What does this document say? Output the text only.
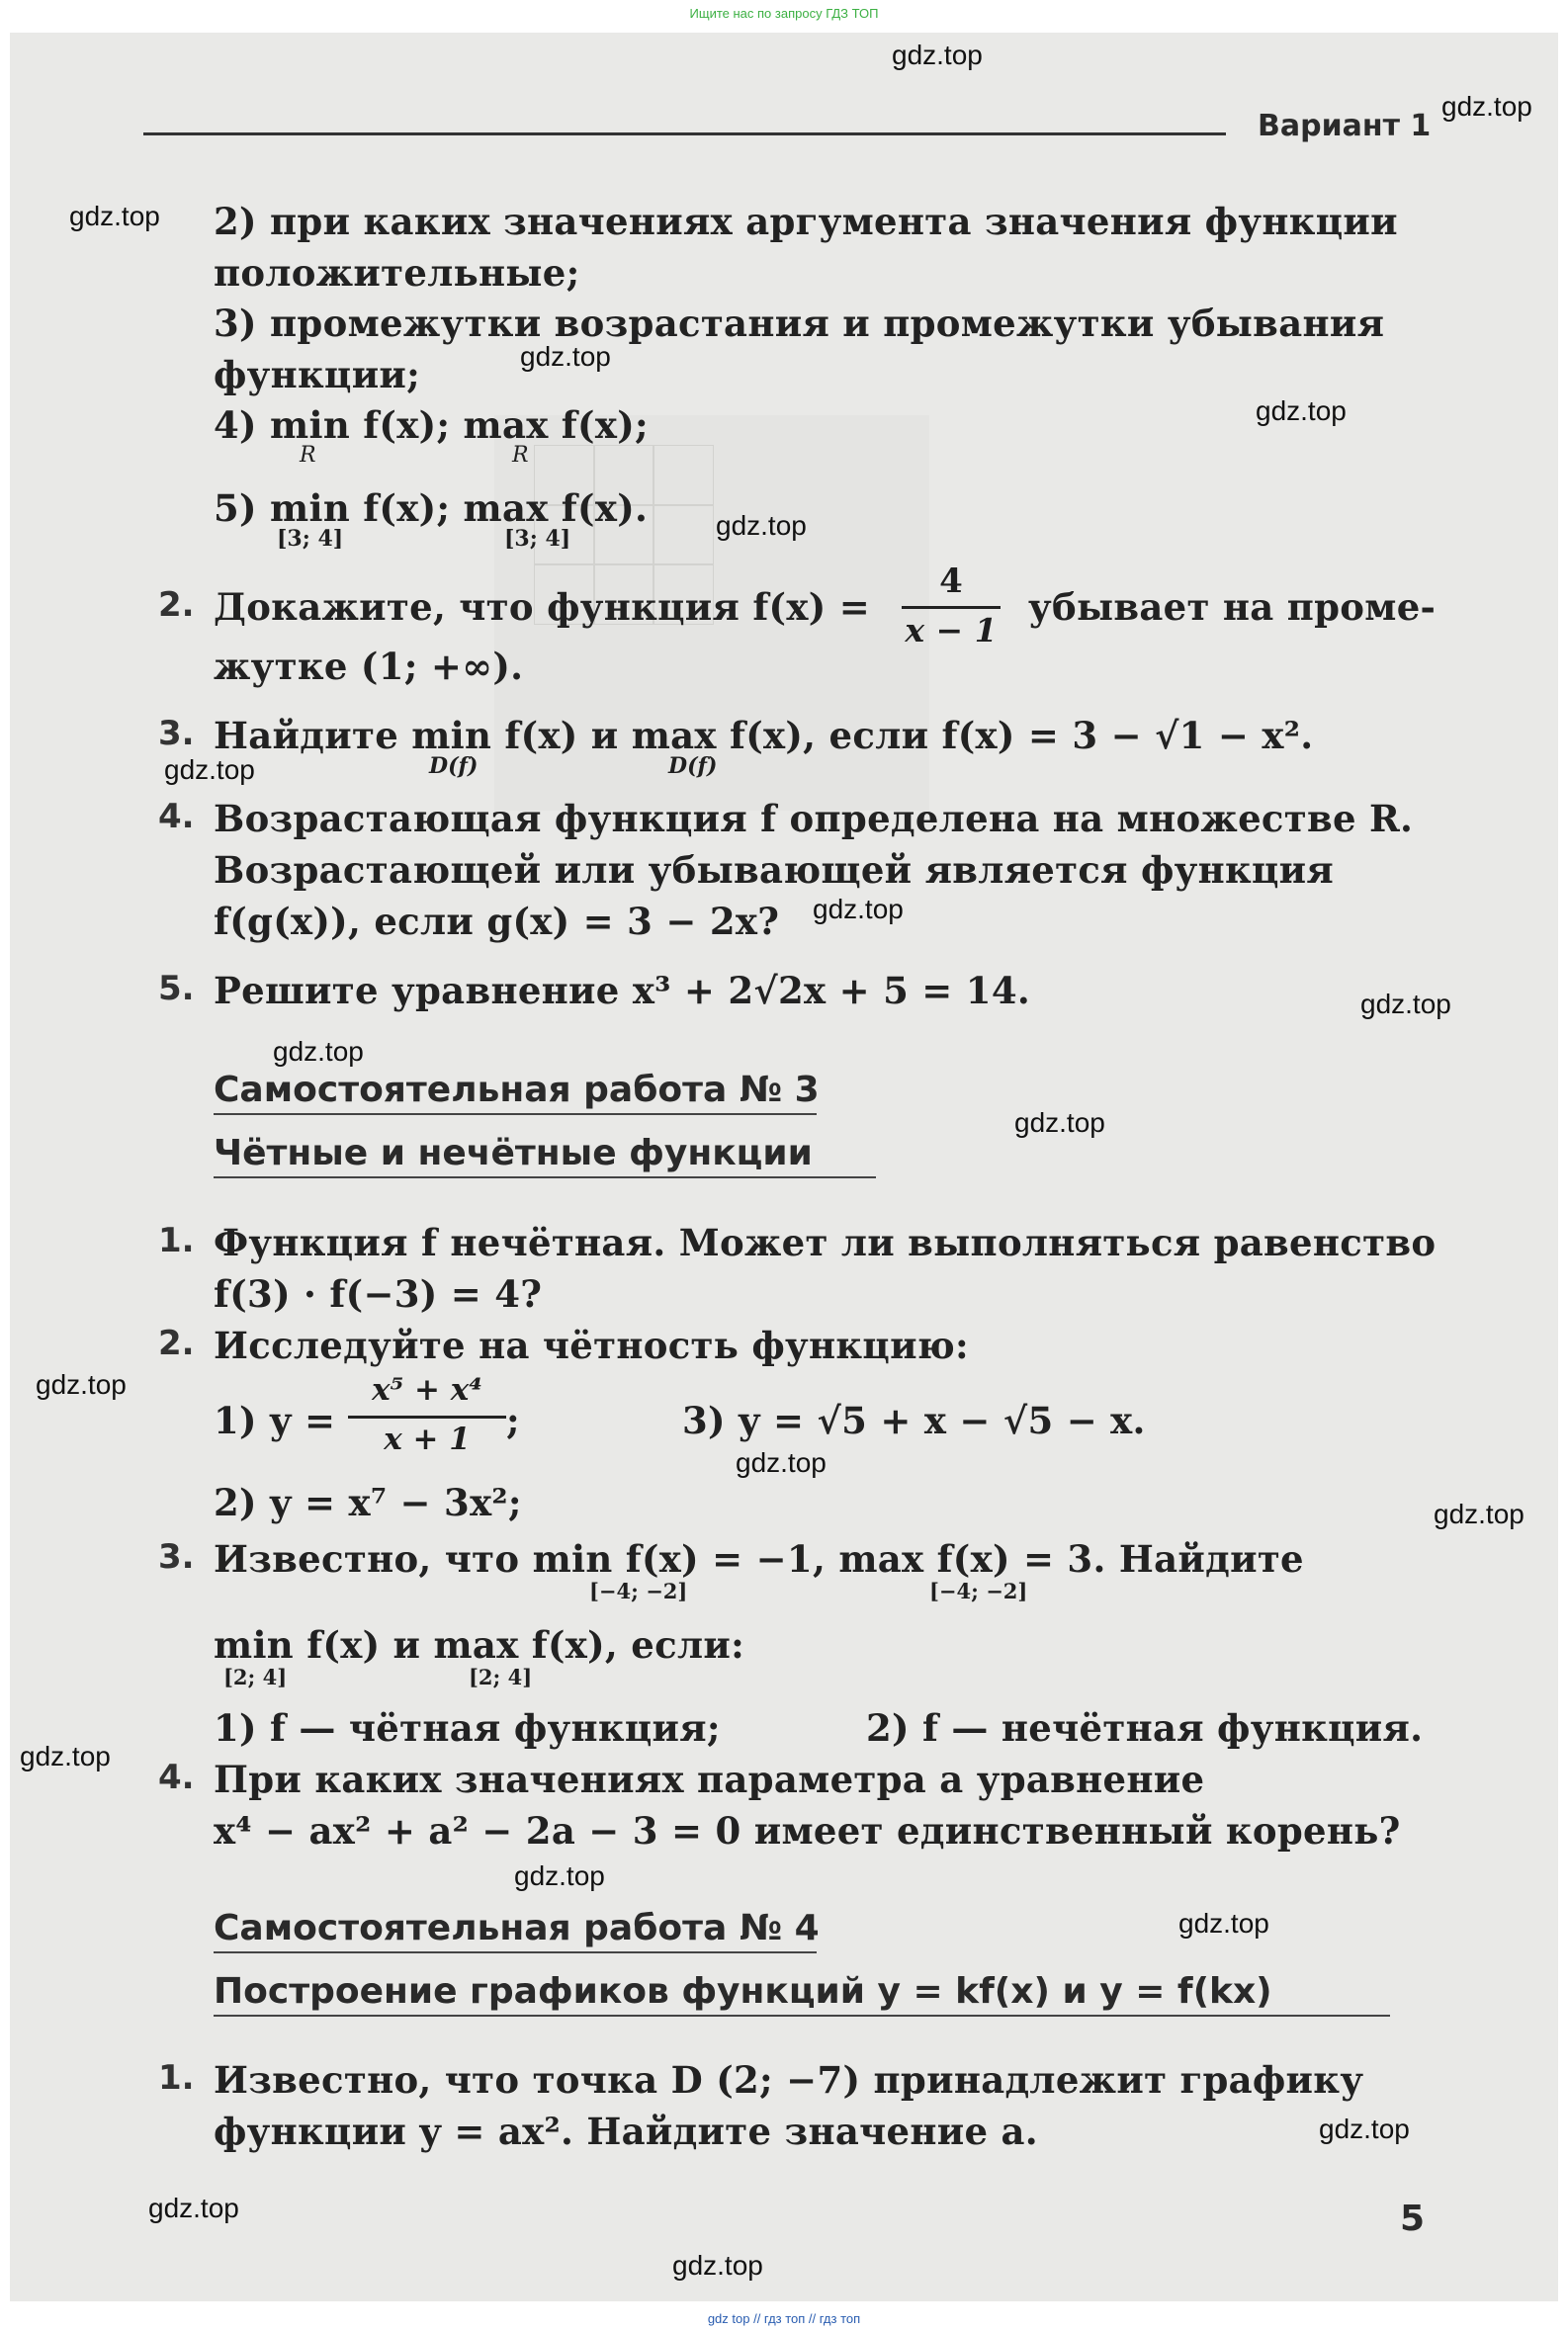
Ищите нас по запросу ГДЗ ТОП
Вариант 1
2) при каких значениях аргумента значения функции
положительные;
3) промежутки возрастания и промежутки убывания
функции;
4) min f(x); max f(x);
R	R
5) min f(x); max f(x).
[3; 4]	[3; 4]
2. Докажите, что функция f(x) =
4
x − 1
убывает на проме-
жутке (1; +∞).
3. Найдите min f(x) и max f(x), если f(x) = 3 − √1 − x².
D(f)	D(f)
4. Возрастающая функция f определена на множестве R.
Возрастающей или убывающей является функция
f(g(x)), если g(x) = 3 − 2x?
5. Решите уравнение x³ + 2√2x + 5 = 14.
Самостоятельная работа № 3
Чётные и нечётные функции
1. Функция f нечётная. Может ли выполняться равенство
f(3) · f(−3) = 4?
2. Исследуйте на чётность функцию:
1) y =
x⁵ + x⁴
x + 1 ;	3) y = √5 + x − √5 − x.
2) y = x⁷ − 3x²;
3. Известно, что min f(x) = −1, max f(x) = 3. Найдите
[−4; −2]	[−4; −2]
min f(x) и max f(x), если:
[2; 4]	[2; 4]
1) f — чётная функция;	2) f — нечётная функция.
4. При каких значениях параметра a уравнение
x⁴ − ax² + a² − 2a − 3 = 0 имеет единственный корень?
Самостоятельная работа № 4
Построение графиков функций y = kf(x) и y = f(kx)
1. Известно, что точка D (2; −7) принадлежит графику
функции y = ax². Найдите значение a.
5
gdz.top
gdz.top
gdz.top
gdz.top
gdz.top
gdz.top
gdz.top
gdz.top
gdz.top
gdz.top
gdz.top
gdz.top
gdz.top
gdz.top
gdz.top
gdz.top
gdz.top
gdz.top
gdz.top
gdz.top
gdz top // гдз топ // гдз топ
